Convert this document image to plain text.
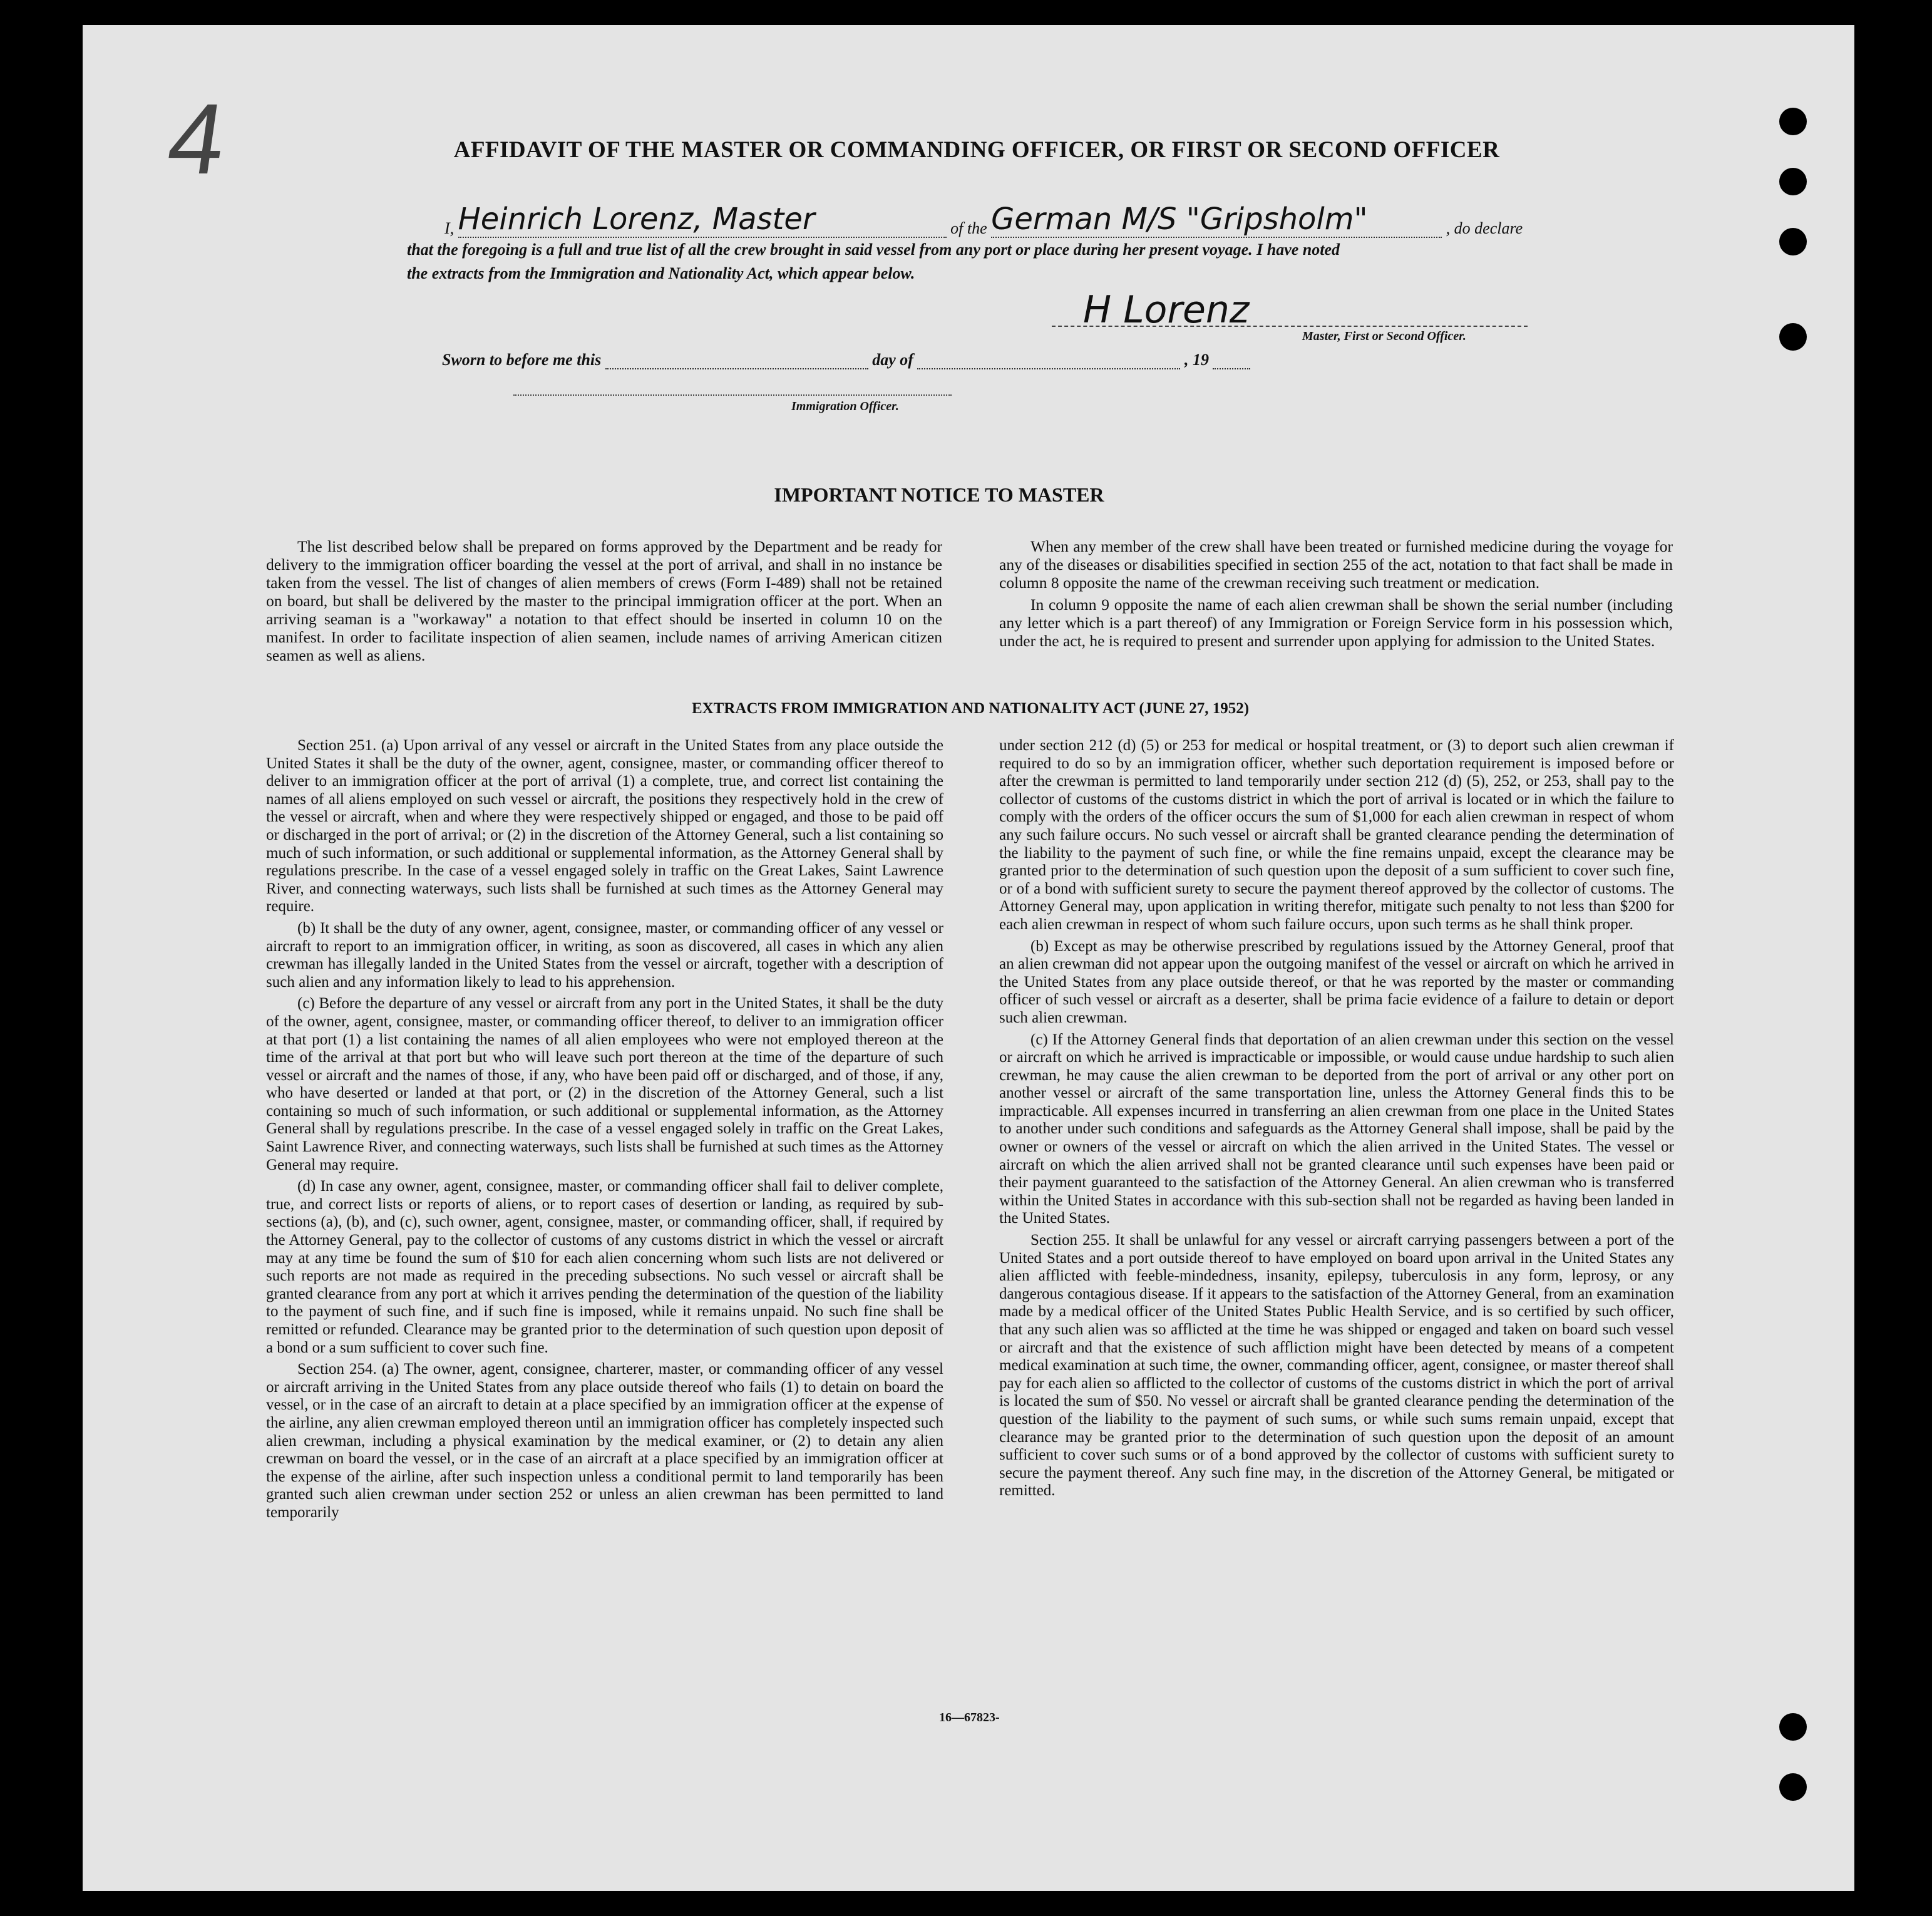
4	AFFIDAVIT OF THE MASTER OR COMMANDING OFFICER, OR FIRST OR SECOND OFFICER
I, Heinrich Lorenz, Master	of the German M/S "Gripsholm"	, do declare
that the foregoing is a full and true list of all the crew brought in said vessel from any port or place during her present voyage. I have noted
the extracts from the Immigration and Nationality Act, which appear below.
H Lorenz
Master, First or Second Officer.
Sworn to before me this	day of	, 19
Immigration Officer.
IMPORTANT NOTICE TO MASTER

The list described below shall be prepared on forms approved by the Department and be ready for delivery to the immigration officer boarding the vessel at the port of arrival, and shall in no instance be taken from the vessel. The list of changes of alien members of crews (Form I-489) shall not be retained on board, but shall be delivered by the master to the principal immigration officer at the port. When an arriving seaman is a "workaway" a notation to that effect should be inserted in column 10 on the manifest. In order to facilitate inspection of alien seamen, include names of arriving American citizen seamen as well as aliens.

When any member of the crew shall have been treated or furnished medicine during the voyage for any of the diseases or disabilities specified in section 255 of the act, notation to that fact shall be made in column 8 opposite the name of the crewman receiving such treatment or medication.

In column 9 opposite the name of each alien crewman shall be shown the serial number (including any letter which is a part thereof) of any Immigration or Foreign Service form in his possession which, under the act, he is required to present and surrender upon applying for admission to the United States.

EXTRACTS FROM IMMIGRATION AND NATIONALITY ACT (JUNE 27, 1952)

Section 251. (a) Upon arrival of any vessel or aircraft in the United States from any place outside the United States it shall be the duty of the owner, agent, consignee, master, or commanding officer thereof to deliver to an immigration officer at the port of arrival (1) a complete, true, and correct list containing the names of all aliens employed on such vessel or aircraft, the positions they respectively hold in the crew of the vessel or aircraft, when and where they were respectively shipped or engaged, and those to be paid off or discharged in the port of arrival; or (2) in the discretion of the Attorney General, such a list containing so much of such information, or such additional or supplemental information, as the Attorney General shall by regulations prescribe. In the case of a vessel engaged solely in traffic on the Great Lakes, Saint Lawrence River, and connecting waterways, such lists shall be furnished at such times as the Attorney General may require.

(b) It shall be the duty of any owner, agent, consignee, master, or commanding officer of any vessel or aircraft to report to an immigration officer, in writing, as soon as discovered, all cases in which any alien crewman has illegally landed in the United States from the vessel or aircraft, together with a description of such alien and any information likely to lead to his apprehension.

(c) Before the departure of any vessel or aircraft from any port in the United States, it shall be the duty of the owner, agent, consignee, master, or commanding officer thereof, to deliver to an immigration officer at that port (1) a list containing the names of all alien employees who were not employed thereon at the time of the arrival at that port but who will leave such port thereon at the time of the departure of such vessel or aircraft and the names of those, if any, who have been paid off or discharged, and of those, if any, who have deserted or landed at that port, or (2) in the discretion of the Attorney General, such a list containing so much of such information, or such additional or supplemental information, as the Attorney General shall by regulations prescribe. In the case of a vessel engaged solely in traffic on the Great Lakes, Saint Lawrence River, and connecting waterways, such lists shall be furnished at such times as the Attorney General may require.

(d) In case any owner, agent, consignee, master, or commanding officer shall fail to deliver complete, true, and correct lists or reports of aliens, or to report cases of desertion or landing, as required by sub-sections (a), (b), and (c), such owner, agent, consignee, master, or commanding officer, shall, if required by the Attorney General, pay to the collector of customs of any customs district in which the vessel or aircraft may at any time be found the sum of $10 for each alien concerning whom such lists are not delivered or such reports are not made as required in the preceding subsections. No such vessel or aircraft shall be granted clearance from any port at which it arrives pending the determination of the question of the liability to the payment of such fine, and if such fine is imposed, while it remains unpaid. No such fine shall be remitted or refunded. Clearance may be granted prior to the determination of such question upon deposit of a bond or a sum sufficient to cover such fine.

Section 254. (a) The owner, agent, consignee, charterer, master, or commanding officer of any vessel or aircraft arriving in the United States from any place outside thereof who fails (1) to detain on board the vessel, or in the case of an aircraft to detain at a place specified by an immigration officer at the expense of the airline, any alien crewman employed thereon until an immigration officer has completely inspected such alien crewman, including a physical examination by the medical examiner, or (2) to detain any alien crewman on board the vessel, or in the case of an aircraft at a place specified by an immigration officer at the expense of the airline, after such inspection unless a conditional permit to land temporarily has been granted such alien crewman under section 252 or unless an alien crewman has been permitted to land temporarily

under section 212 (d) (5) or 253 for medical or hospital treatment, or (3) to deport such alien crewman if required to do so by an immigration officer, whether such deportation requirement is imposed before or after the crewman is permitted to land temporarily under section 212 (d) (5), 252, or 253, shall pay to the collector of customs of the customs district in which the port of arrival is located or in which the failure to comply with the orders of the officer occurs the sum of $1,000 for each alien crewman in respect of whom any such failure occurs. No such vessel or aircraft shall be granted clearance pending the determination of the liability to the payment of such fine, or while the fine remains unpaid, except the clearance may be granted prior to the determination of such question upon the deposit of a sum sufficient to cover such fine, or of a bond with sufficient surety to secure the payment thereof approved by the collector of customs. The Attorney General may, upon application in writing therefor, mitigate such penalty to not less than $200 for each alien crewman in respect of whom such failure occurs, upon such terms as he shall think proper.

(b) Except as may be otherwise prescribed by regulations issued by the Attorney General, proof that an alien crewman did not appear upon the outgoing manifest of the vessel or aircraft on which he arrived in the United States from any place outside thereof, or that he was reported by the master or commanding officer of such vessel or aircraft as a deserter, shall be prima facie evidence of a failure to detain or deport such alien crewman.

(c) If the Attorney General finds that deportation of an alien crewman under this section on the vessel or aircraft on which he arrived is impracticable or impossible, or would cause undue hardship to such alien crewman, he may cause the alien crewman to be deported from the port of arrival or any other port on another vessel or aircraft of the same transportation line, unless the Attorney General finds this to be impracticable. All expenses incurred in transferring an alien crewman from one place in the United States to another under such conditions and safeguards as the Attorney General shall impose, shall be paid by the owner or owners of the vessel or aircraft on which the alien arrived in the United States. The vessel or aircraft on which the alien arrived shall not be granted clearance until such expenses have been paid or their payment guaranteed to the satisfaction of the Attorney General. An alien crewman who is transferred within the United States in accordance with this sub-section shall not be regarded as having been landed in the United States.

Section 255. It shall be unlawful for any vessel or aircraft carrying passengers between a port of the United States and a port outside thereof to have employed on board upon arrival in the United States any alien afflicted with feeble-mindedness, insanity, epilepsy, tuberculosis in any form, leprosy, or any dangerous contagious disease. If it appears to the satisfaction of the Attorney General, from an examination made by a medical officer of the United States Public Health Service, and is so certified by such officer, that any such alien was so afflicted at the time he was shipped or engaged and taken on board such vessel or aircraft and that the existence of such affliction might have been detected by means of a competent medical examination at such time, the owner, commanding officer, agent, consignee, or master thereof shall pay for each alien so afflicted to the collector of customs of the customs district in which the port of arrival is located the sum of $50. No vessel or aircraft shall be granted clearance pending the determination of the question of the liability to the payment of such sums, or while such sums remain unpaid, except that clearance may be granted prior to the determination of such question upon the deposit of an amount sufficient to cover such sums or of a bond approved by the collector of customs with sufficient surety to secure the payment thereof. Any such fine may, in the discretion of the Attorney General, be mitigated or remitted.

16—67823-
